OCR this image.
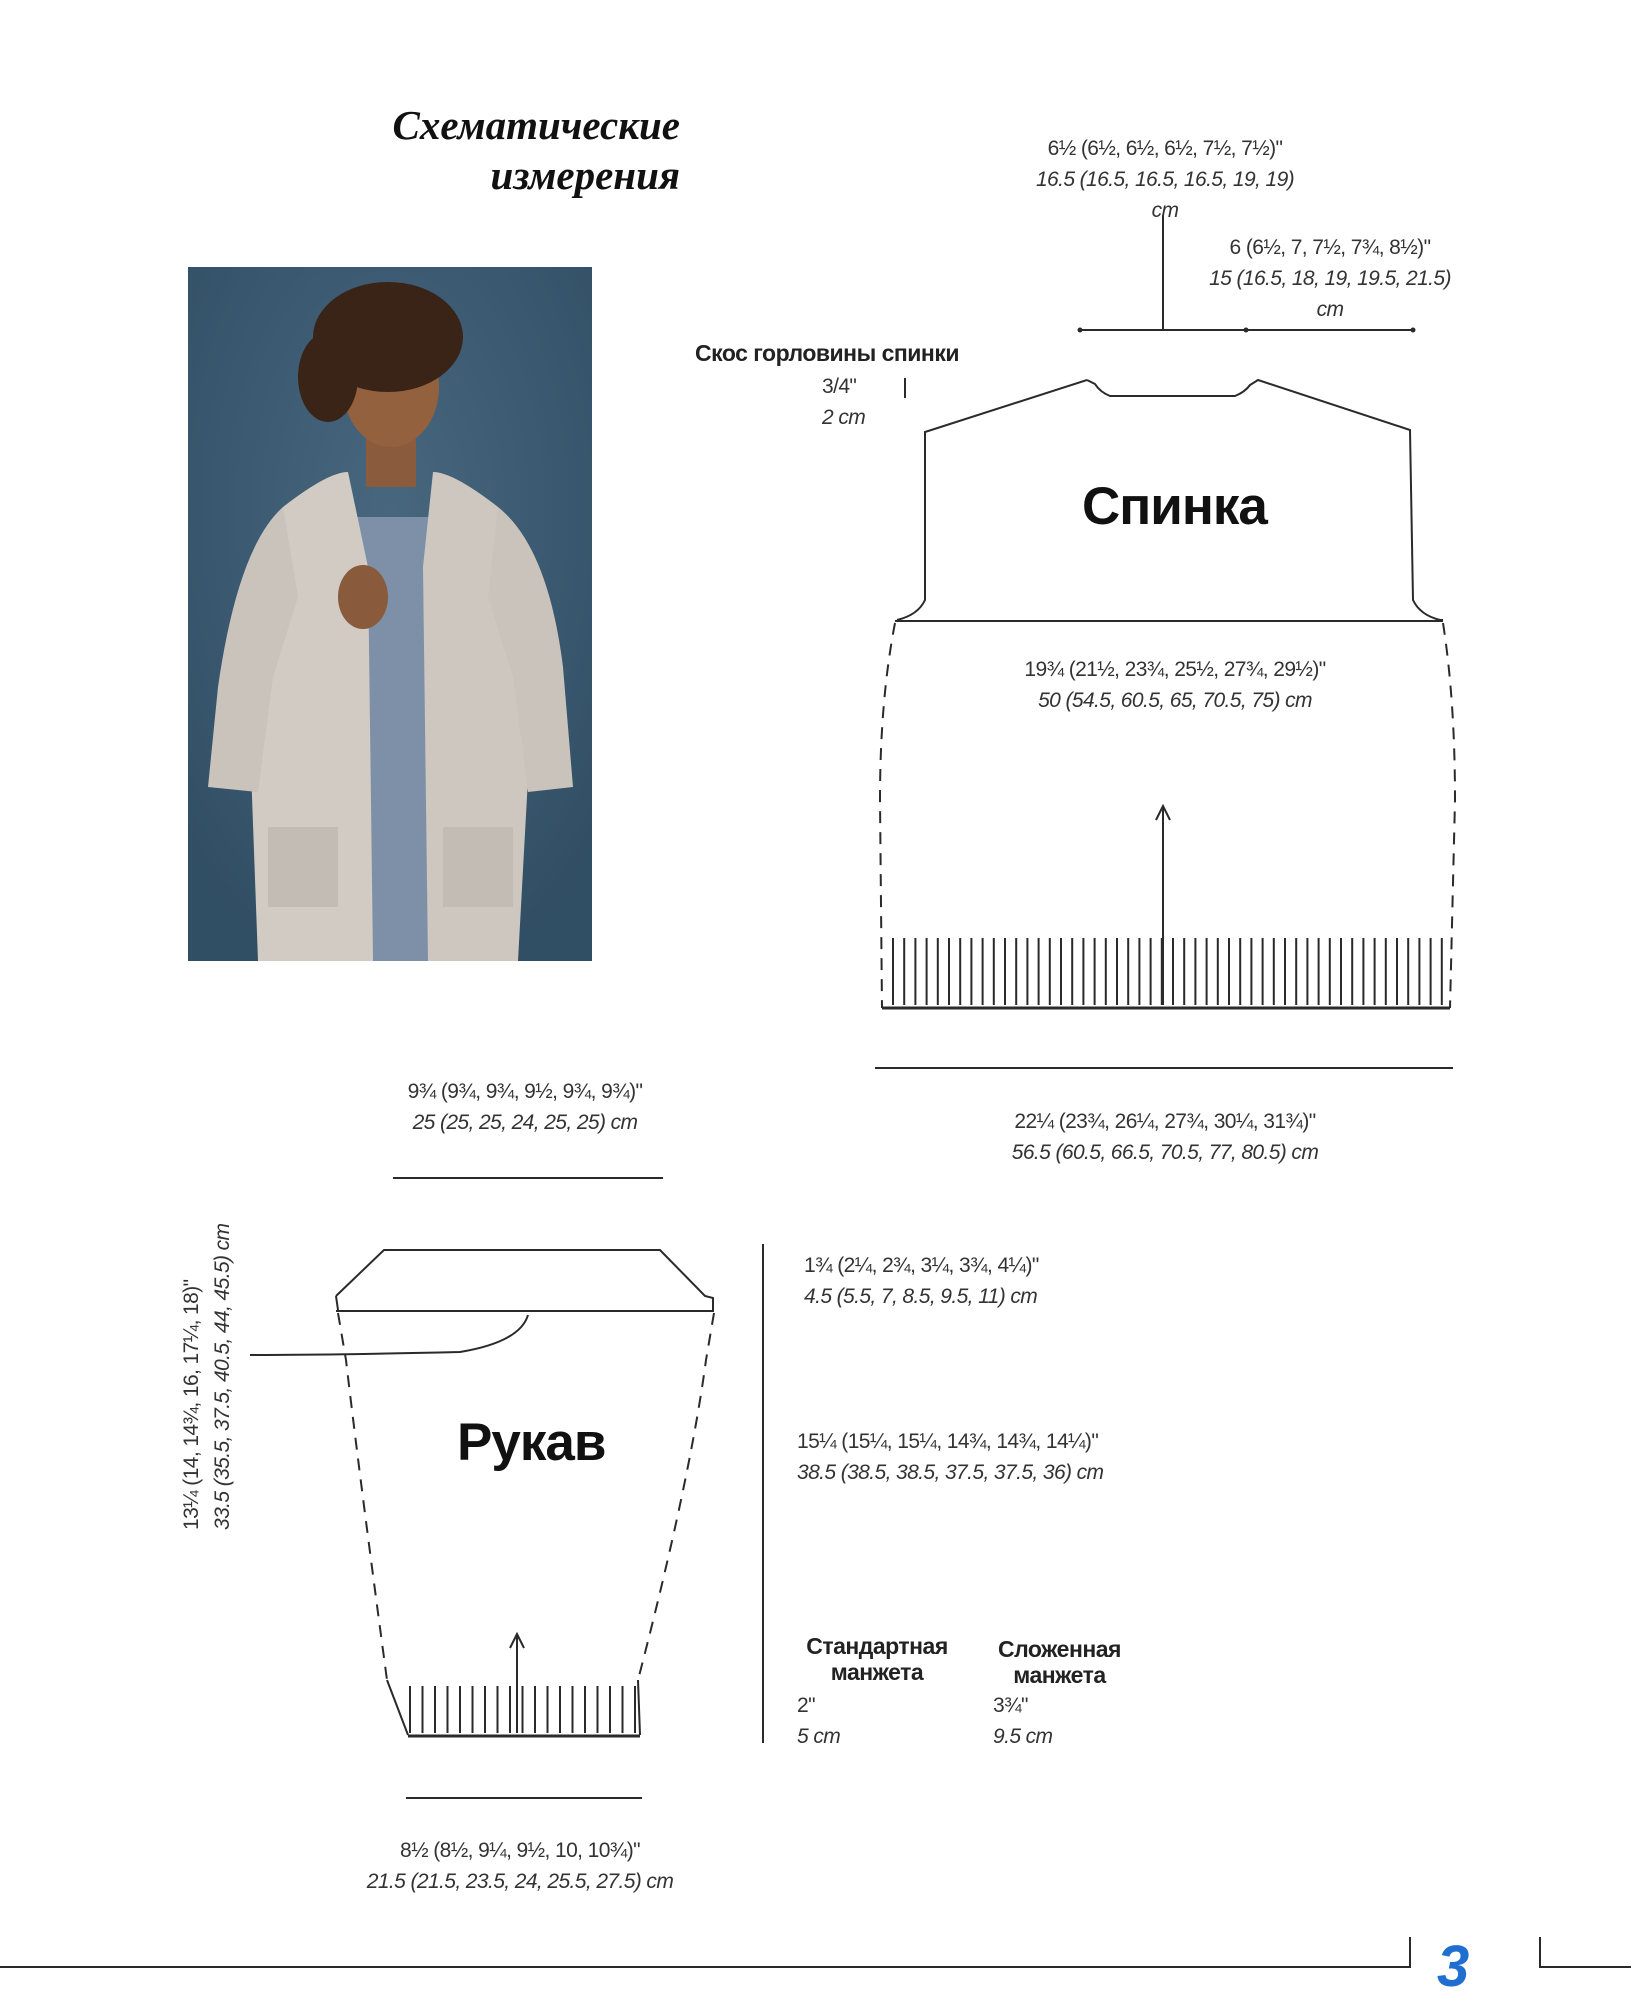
Схематические
измерения
6½ (6½, 6½, 6½, 7½, 7½)"
16.5 (16.5, 16.5, 16.5, 19, 19) cm
6 (6½, 7, 7½, 7¾, 8½)"
15 (16.5, 18, 19, 19.5, 21.5) cm
Скос горловины спинки
3/4"
2 cm
Спинка
19¾ (21½, 23¾, 25½, 27¾, 29½)"
50 (54.5, 60.5, 65, 70.5, 75) cm
22¼ (23¾, 26¼, 27¾, 30¼, 31¾)"
56.5 (60.5, 66.5, 70.5, 77, 80.5) cm
9¾ (9¾, 9¾, 9½, 9¾, 9¾)"
25 (25, 25, 24, 25, 25) cm
13¼ (14, 14¾, 16, 17¼, 18)" 33.5 (35.5, 37.5, 40.5, 44, 45.5) cm	1¾ (2¼, 2¾, 3¼, 3¾, 4¼)"
4.5 (5.5, 7, 8.5, 9.5, 11) cm
Рукав	15¼ (15¼, 15¼, 14¾, 14¾, 14¼)"
38.5 (38.5, 38.5, 37.5, 37.5, 36) cm
Стандартная
манжета
2"
5 cm
Сложенная
манжета
3¾"
9.5 cm
8½ (8½, 9¼, 9½, 10, 10¾)"
21.5 (21.5, 23.5, 24, 25.5, 27.5) cm
3
